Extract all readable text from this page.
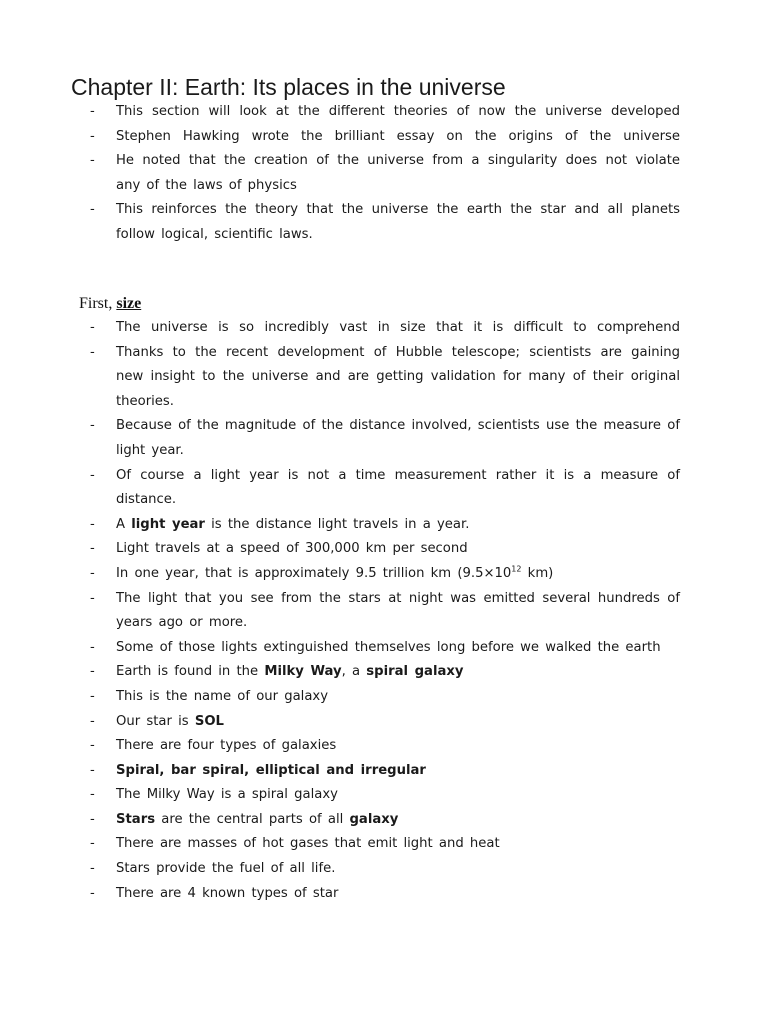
Chapter II: Earth: Its places in the universe
- This section will look at the different theories of now the universe developed
- Stephen Hawking wrote the brilliant essay on the origins of the universe
- He noted that the creation of the universe from a singularity does not violate any of the laws of physics
- This reinforces the theory that the universe the earth the star and all planets follow logical, scientific laws.
First, size
- The universe is so incredibly vast in size that it is difficult to comprehend
- Thanks to the recent development of Hubble telescope; scientists are gaining new insight to the universe and are getting validation for many of their original theories.
- Because of the magnitude of the distance involved, scientists use the measure of light year.
- Of course a light year is not a time measurement rather it is a measure of distance.
- A light year is the distance light travels in a year.
- Light travels at a speed of 300,000 km per second
- In one year, that is approximately 9.5 trillion km ($9.5\times 10^{12}$ km)
- The light that you see from the stars at night was emitted several hundreds of years ago or more.
- Some of those lights extinguished themselves long before we walked the earth
- Earth is found in the Milky Way, a spiral galaxy
- This is the name of our galaxy
- Our star is SOL
- There are four types of galaxies
- Spiral, bar spiral, elliptical and irregular
- The Milky Way is a spiral galaxy
- Stars are the central parts of all galaxy
- There are masses of hot gases that emit light and heat
- Stars provide the fuel of all life.
- There are 4 known types of star
